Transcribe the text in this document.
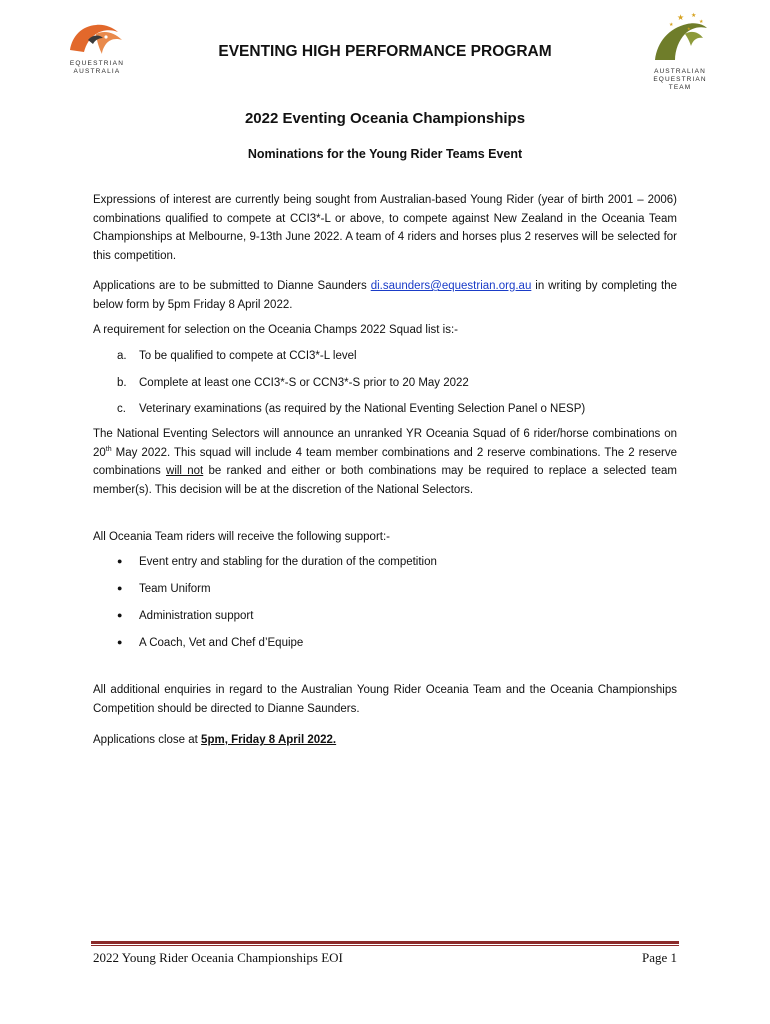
EQUESTRIAN
AUSTRALIA
★ ★
★
★
★
AUSTRALIAN
EQUESTRIAN
TEAM
EVENTING HIGH PERFORMANCE PROGRAM
2022 Eventing Oceania Championships
Nominations for the Young Rider Teams Event
Expressions of interest are currently being sought from Australian-based Young Rider (year of birth 2001 – 2006) combinations qualified to compete at CCI3*-L or above, to compete against New Zealand in the Oceania Team Championships at Melbourne, 9-13th June 2022. A team of 4 riders and horses plus 2 reserves will be selected for this competition.
Applications are to be submitted to Dianne Saunders di.saunders@equestrian.org.au in writing by completing the below form by 5pm Friday 8 April 2022.
A requirement for selection on the Oceania Champs 2022 Squad list is:-
a. To be qualified to compete at CCI3*-L level
b. Complete at least one CCI3*-S or CCN3*-S prior to 20 May 2022
c. Veterinary examinations (as required by the National Eventing Selection Panel o NESP)
The National Eventing Selectors will announce an unranked YR Oceania Squad of 6 rider/horse combinations on 20th May 2022. This squad will include 4 team member combinations and 2 reserve combinations. The 2 reserve combinations will not be ranked and either or both combinations may be required to replace a selected team member(s). This decision will be at the discretion of the National Selectors.
All Oceania Team riders will receive the following support:-
● Event entry and stabling for the duration of the competition
● Team Uniform
● Administration support
● A Coach, Vet and Chef d’Equipe
All additional enquiries in regard to the Australian Young Rider Oceania Team and the Oceania Championships Competition should be directed to Dianne Saunders.
Applications close at 5pm, Friday 8 April 2022.
2022 Young Rider Oceania Championships EOI	Page 1
